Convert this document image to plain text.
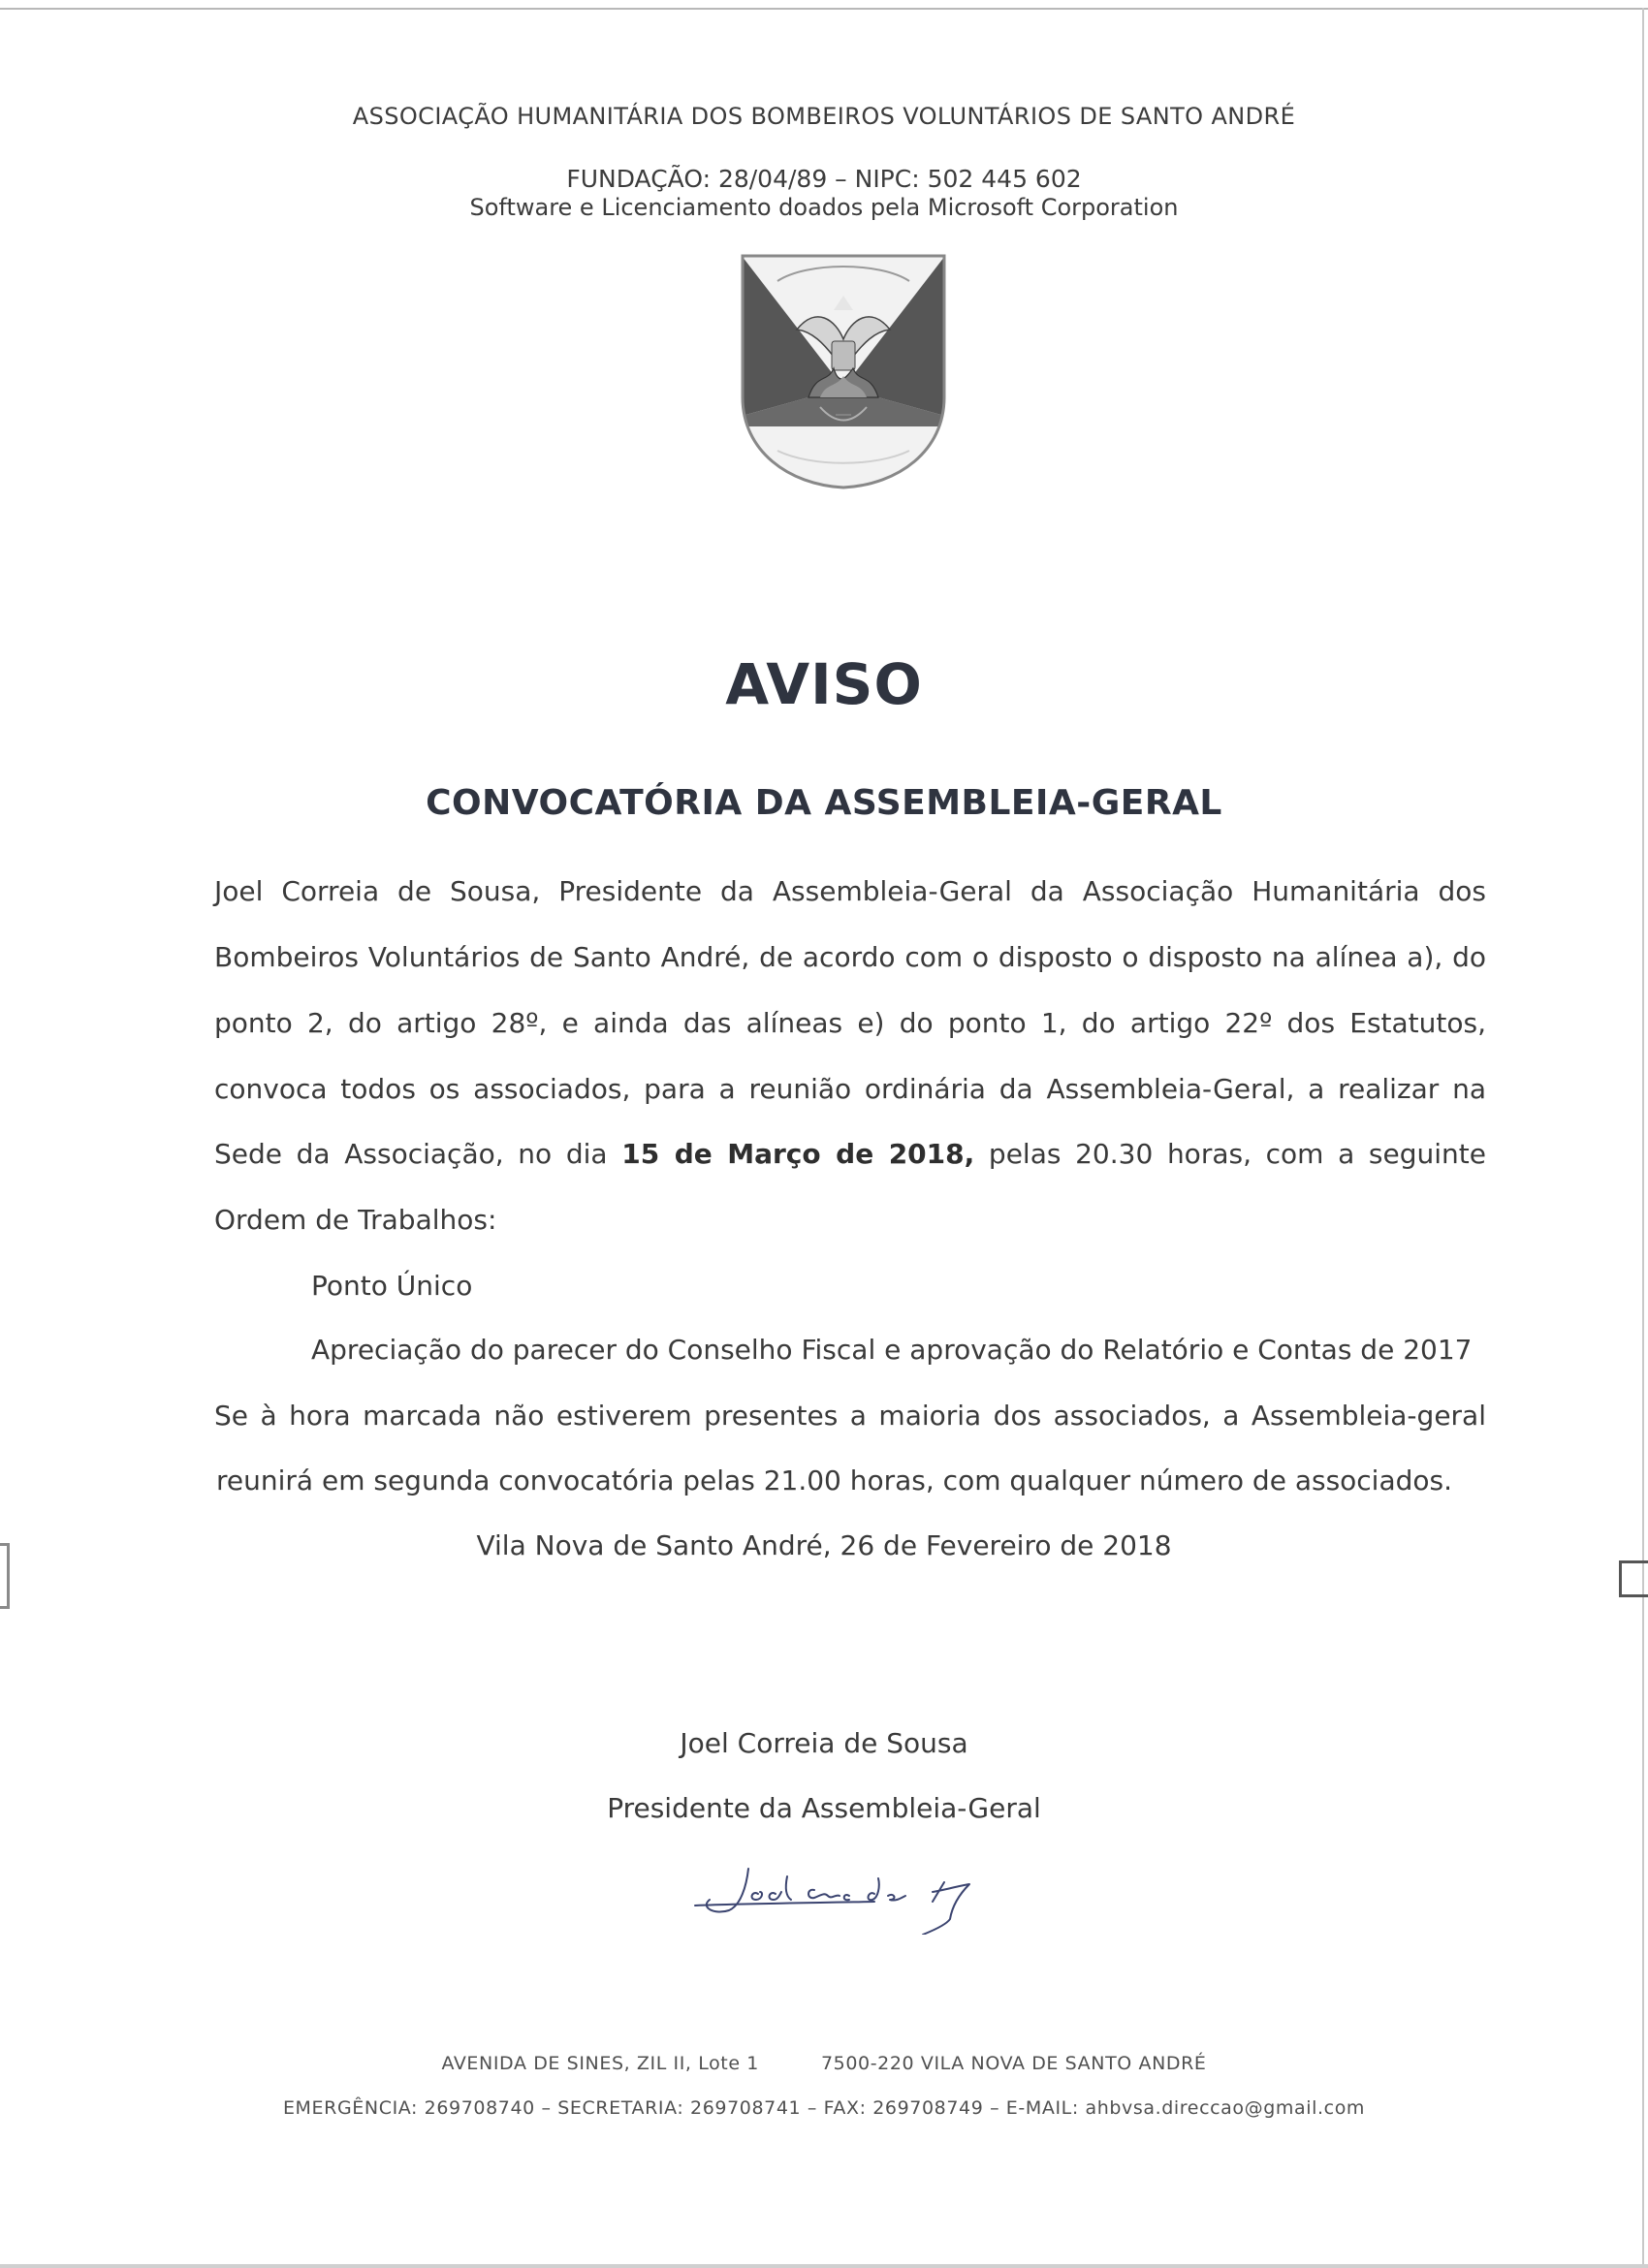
ASSOCIAÇÃO HUMANITÁRIA DOS BOMBEIROS VOLUNTÁRIOS DE SANTO ANDRÉ
FUNDAÇÃO: 28/04/89 – NIPC: 502 445 602
Software e Licenciamento doados pela Microsoft Corporation
AVISO
CONVOCATÓRIA DA ASSEMBLEIA-GERAL
Joel Correia de Sousa, Presidente da Assembleia-Geral da Associação Humanitária dos
Bombeiros Voluntários de Santo André, de acordo com o disposto o disposto na alínea a), do
ponto 2, do artigo 28º, e ainda das alíneas e) do ponto 1, do artigo 22º dos Estatutos,
convoca todos os associados, para a reunião ordinária da Assembleia-Geral, a realizar na
Sede da Associação, no dia 15 de Março de 2018, pelas 20.30 horas, com a seguinte
Ordem de Trabalhos:
Ponto Único
Apreciação do parecer do Conselho Fiscal e aprovação do Relatório e Contas de 2017
Se à hora marcada não estiverem presentes a maioria dos associados, a Assembleia-geral
reunirá em segunda convocatória pelas 21.00 horas, com qualquer número de associados.
Vila Nova de Santo André, 26 de Fevereiro de 2018
Joel Correia de Sousa
Presidente da Assembleia-Geral
AVENIDA DE SINES, ZIL II, Lote 1	7500-220 VILA NOVA DE SANTO ANDRÉ
EMERGÊNCIA: 269708740 – SECRETARIA: 269708741 – FAX: 269708749 – E-MAIL: ahbvsa.direccao@gmail.com
